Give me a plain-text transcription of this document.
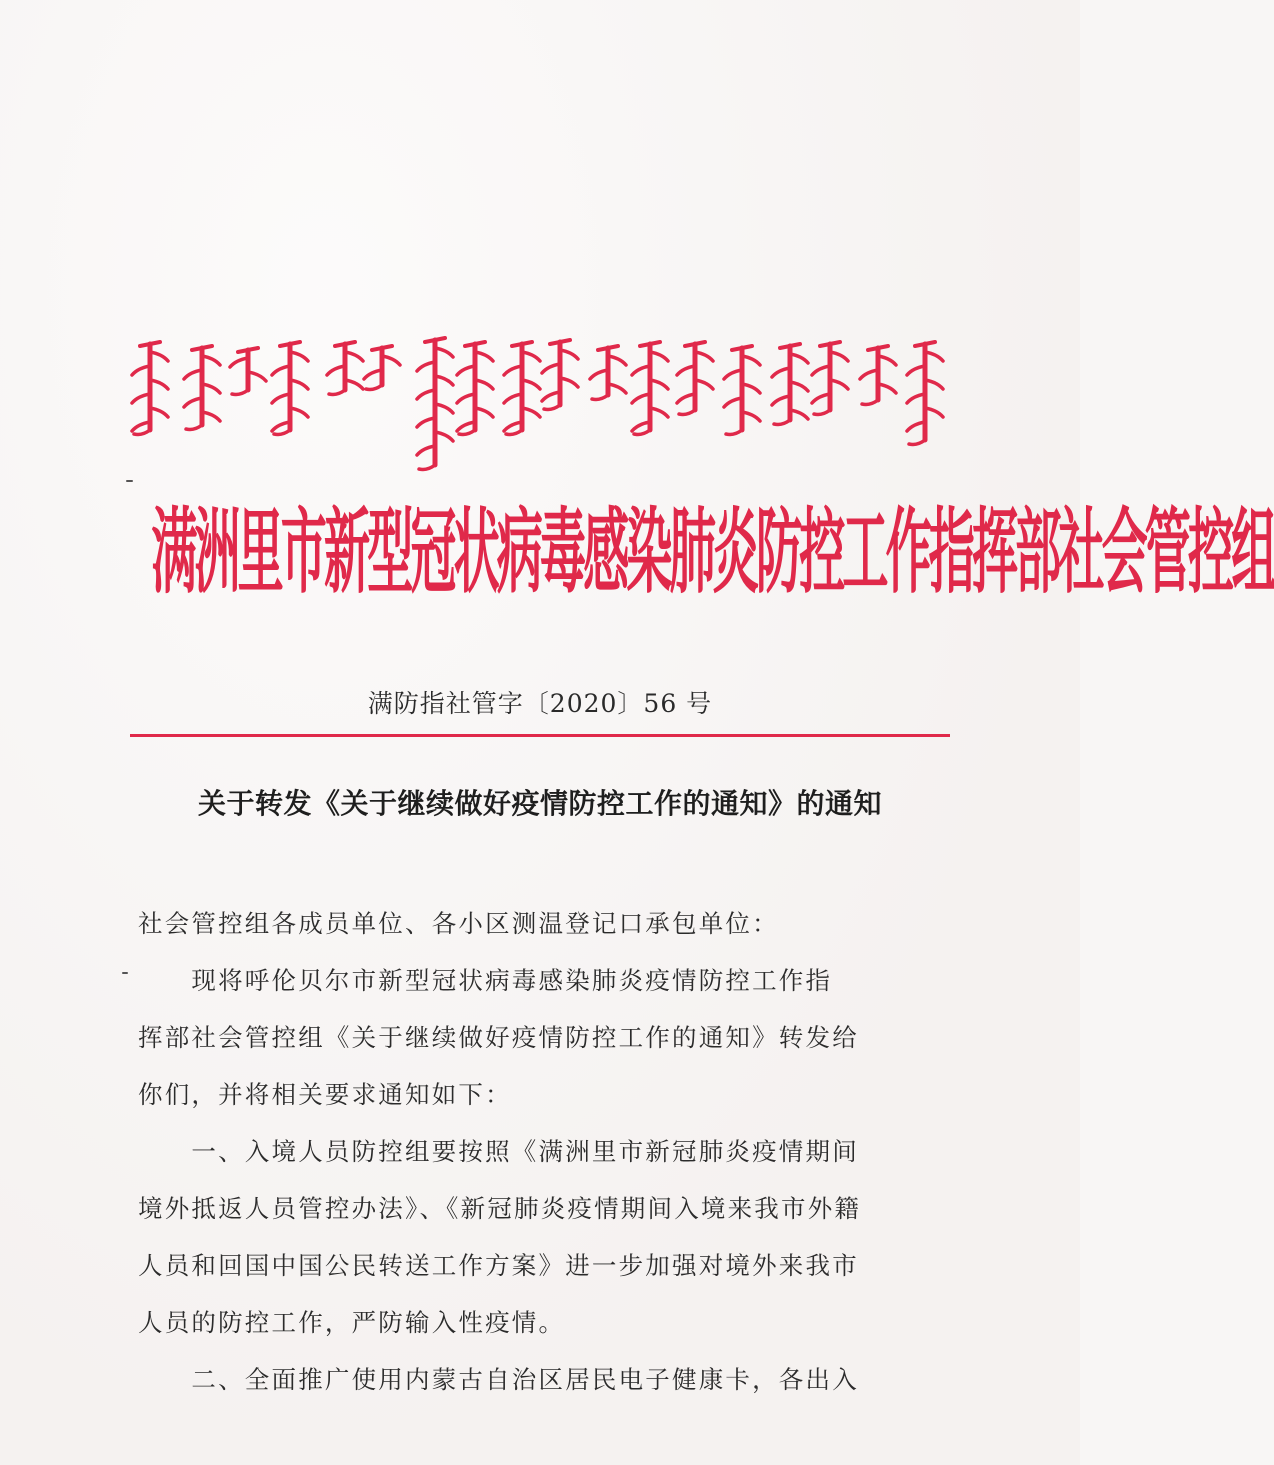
满洲里市新型冠状病毒感染肺炎防控工作指挥部社会管控组
满防指社管字〔2020〕56 号
关于转发《关于继续做好疫情防控工作的通知》的通知
社会管控组各成员单位、各小区测温登记口承包单位：
　　现将呼伦贝尔市新型冠状病毒感染肺炎疫情防控工作指
挥部社会管控组《关于继续做好疫情防控工作的通知》转发给
你们，并将相关要求通知如下：
　　一、入境人员防控组要按照《满洲里市新冠肺炎疫情期间
境外抵返人员管控办法》、《新冠肺炎疫情期间入境来我市外籍
人员和回国中国公民转送工作方案》进一步加强对境外来我市
人员的防控工作，严防输入性疫情。
　　二、全面推广使用内蒙古自治区居民电子健康卡，各出入
